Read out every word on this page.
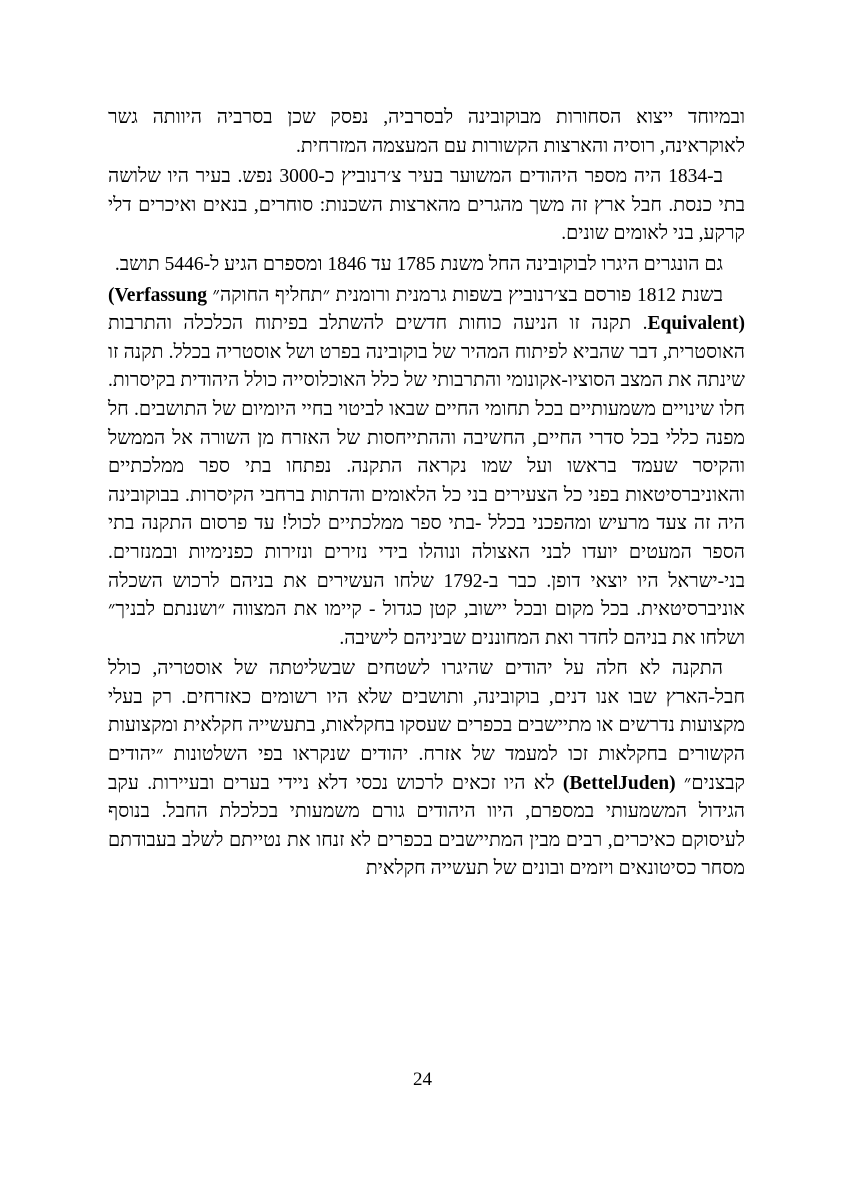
ובמיוחד ייצוא הסחורות מבוקובינה לבסרביה, נפסק שכן בסרביה היוותה גשר לאוקראינה, רוסיה והארצות הקשורות עם המעצמה המזרחית.

ב-1834 היה מספר היהודים המשוער בעיר צ׳רנוביץ כ-3000 נפש. בעיר היו שלושה בתי כנסת. חבל ארץ זה משך מהגרים מהארצות השכנות: סוחרים, בנאים ואיכרים דלי קרקע, בני לאומים שונים.

גם הונגרים היגרו לבוקובינה החל משנת 1785 עד 1846 ומספרם הגיע ל-5446 תושב.

בשנת 1812 פורסם בצ׳רנוביץ בשפות גרמנית ורומנית ״תחליף החוקה״ (Verfassung Equivalent). תקנה זו הניעה כוחות חדשים להשתלב בפיתוח הכלכלה והתרבות האוסטרית, דבר שהביא לפיתוח המהיר של בוקובינה בפרט ושל אוסטריה בכלל. תקנה זו שינתה את המצב הסוציו-אקונומי והתרבותי של כלל האוכלוסייה כולל היהודית בקיסרות. חלו שינויים משמעותיים בכל תחומי החיים שבאו לביטוי בחיי היומיום של התושבים. חל מפנה כללי בכל סדרי החיים, החשיבה וההתייחסות של האזרח מן השורה אל הממשל והקיסר שעמד בראשו ועל שמו נקראה התקנה. נפתחו בתי ספר ממלכתיים והאוניברסיטאות בפני כל הצעירים בני כל הלאומים והדתות ברחבי הקיסרות. בבוקובינה היה זה צעד מרעיש ומהפכני בכלל -בתי ספר ממלכתיים לכול! עד פרסום התקנה בתי הספר המעטים יועדו לבני האצולה ונוהלו בידי נזירים ונזירות כפנימיות ובמנזרים. בני-ישראל היו יוצאי דופן. כבר ב-1792 שלחו העשירים את בניהם לרכוש השכלה אוניברסיטאית. בכל מקום ובכל יישוב, קטן כגדול - קיימו את המצווה ״ושננתם לבניך״ ושלחו את בניהם לחדר ואת המחוננים שביניהם לישיבה.

התקנה לא חלה על יהודים שהיגרו לשטחים שבשליטתה של אוסטריה, כולל חבל-הארץ שבו אנו דנים, בוקובינה, ותושבים שלא היו רשומים כאזרחים. רק בעלי מקצועות נדרשים או מתיישבים בכפרים שעסקו בחקלאות, בתעשייה חקלאית ומקצועות הקשורים בחקלאות זכו למעמד של אזרח. יהודים שנקראו בפי השלטונות ״יהודים קבצנים״ (BettelJuden) לא היו זכאים לרכוש נכסי דלא ניידי בערים ובעיירות. עקב הגידול המשמעותי במספרם, היוו היהודים גורם משמעותי בכלכלת החבל. בנוסף לעיסוקם כאיכרים, רבים מבין המתיישבים בכפרים לא זנחו את נטייתם לשלב בעבודתם מסחר כסיטונאים ויזמים ובונים של תעשייה חקלאית

24
